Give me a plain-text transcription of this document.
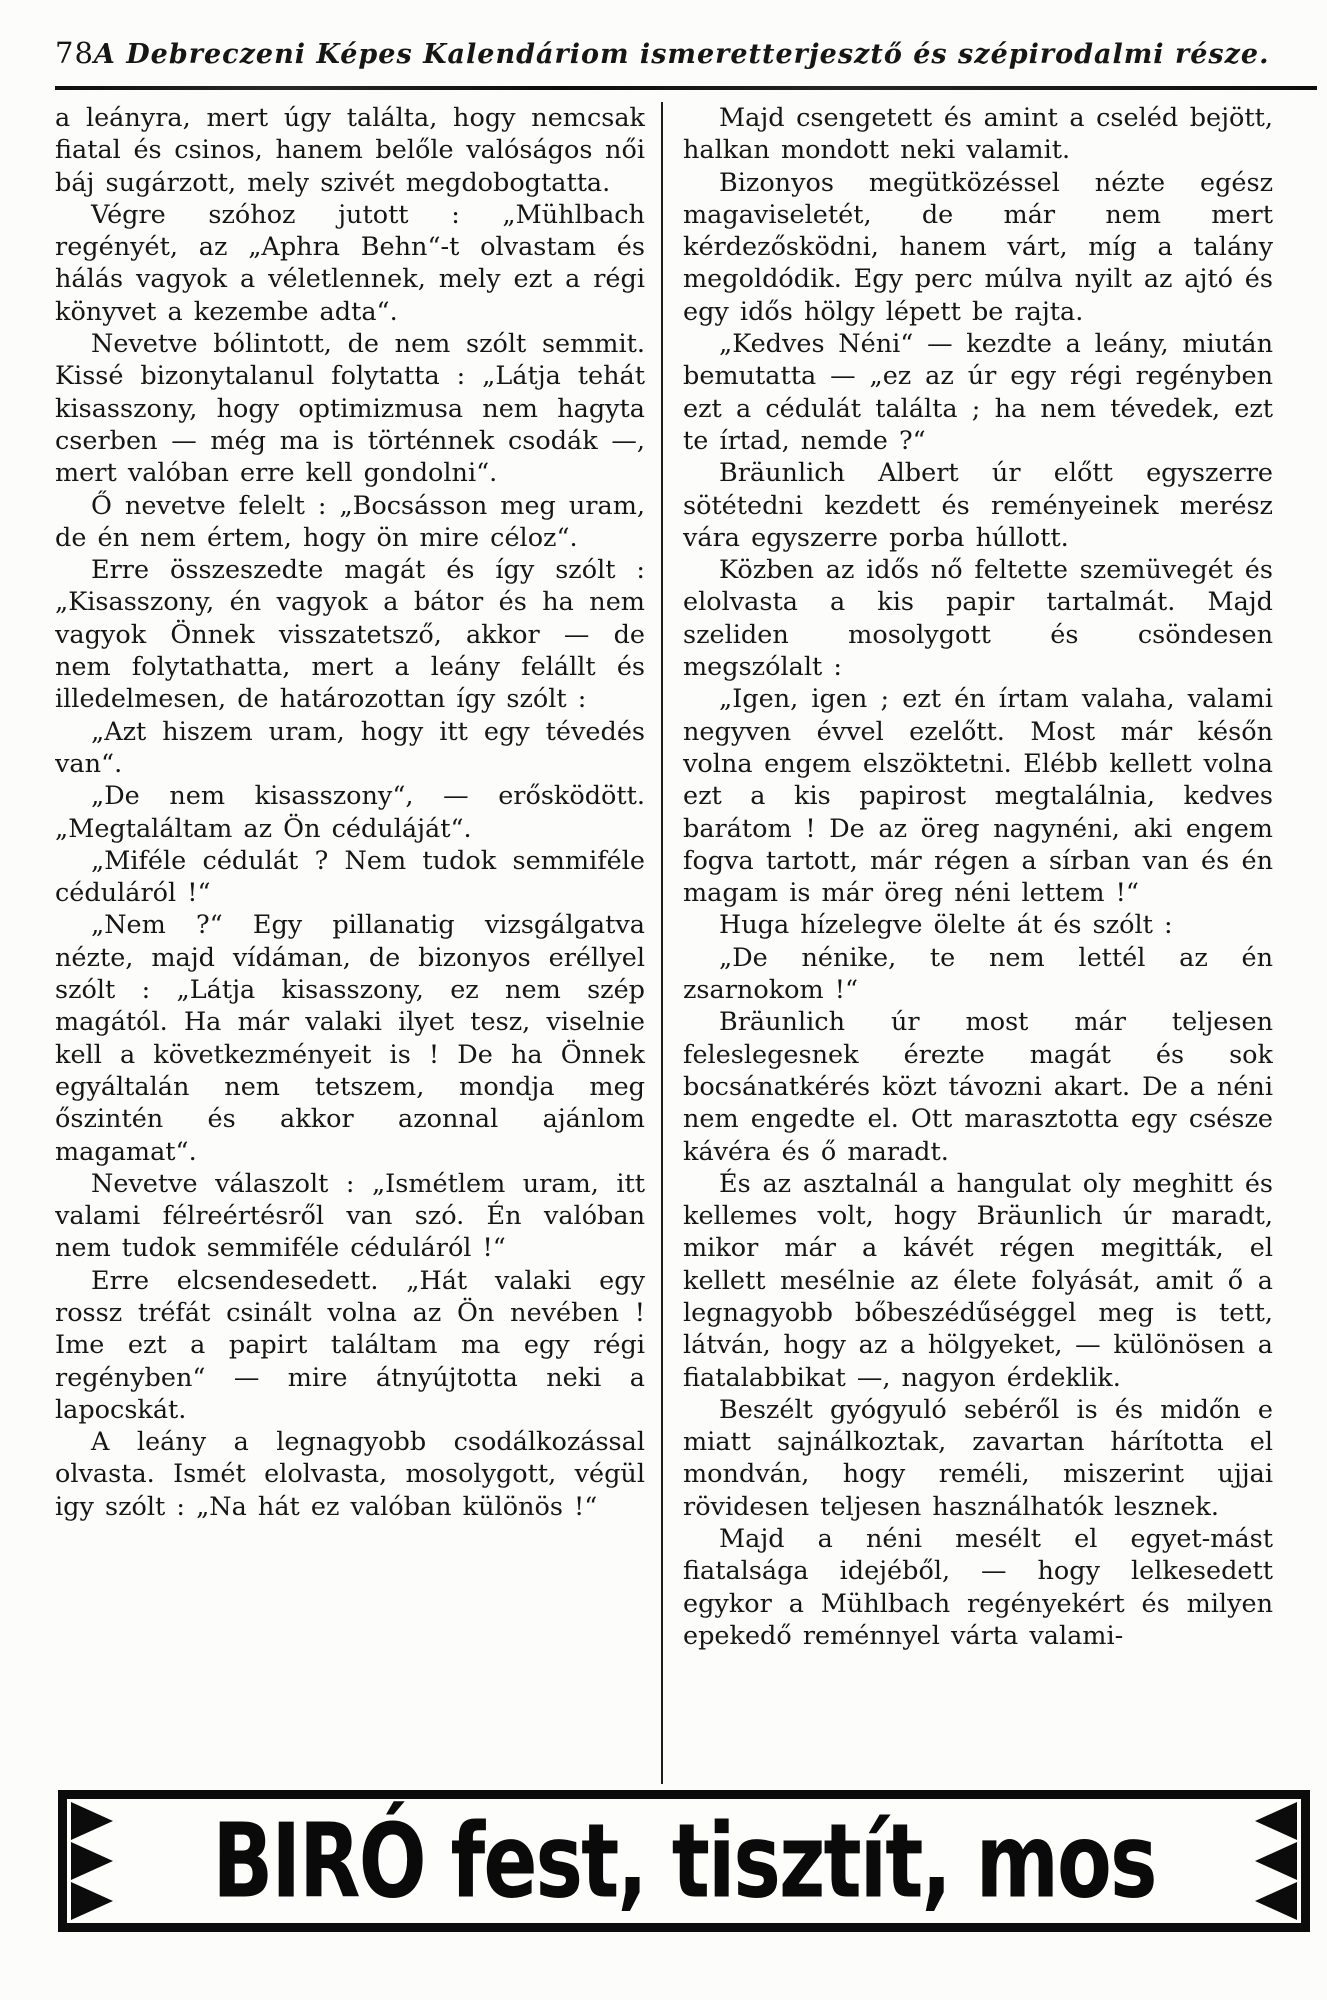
78 A Debreczeni Képes Kalendáriom ismeretterjesztő és szépirodalmi része.

a leányra, mert úgy találta, hogy nemcsak fiatal és csinos, hanem belőle valóságos női báj sugárzott, mely szivét megdobogtatta.

Végre szóhoz jutott : „Mühlbach regényét, az „Aphra Behn“-t olvastam és hálás vagyok a véletlennek, mely ezt a régi könyvet a kezembe adta“.

Nevetve bólintott, de nem szólt semmit. Kissé bizonytalanul folytatta : „Látja tehát kisasszony, hogy optimizmusa nem hagyta cserben — még ma is történnek csodák —, mert valóban erre kell gondolni“.

Ő nevetve felelt : „Bocsásson meg uram, de én nem értem, hogy ön mire céloz“.

Erre összeszedte magát és így szólt : „Kisasszony, én vagyok a bátor és ha nem vagyok Önnek visszatetsző, akkor — de nem folytathatta, mert a leány felállt és illedelmesen, de határozottan így szólt :

„Azt hiszem uram, hogy itt egy tévedés van“.

„De nem kisasszony“, — erősködött. „Megtaláltam az Ön céduláját“.

„Miféle cédulát ? Nem tudok semmiféle céduláról !“

„Nem ?“ Egy pillanatig vizsgálgatva nézte, majd vídáman, de bizonyos eréllyel szólt : „Látja kisasszony, ez nem szép magától. Ha már valaki ilyet tesz, viselnie kell a következményeit is ! De ha Önnek egyáltalán nem tetszem, mondja meg őszintén és akkor azonnal ajánlom magamat“.

Nevetve válaszolt : „Ismétlem uram, itt valami félreértésről van szó. Én valóban nem tudok semmiféle céduláról !“

Erre elcsendesedett. „Hát valaki egy rossz tréfát csinált volna az Ön nevében ! Ime ezt a papirt találtam ma egy régi regényben“ — mire átnyújtotta neki a lapocskát.

A leány a legnagyobb csodálkozással olvasta. Ismét elolvasta, mosolygott, végül igy szólt : „Na hát ez valóban különös !“

Majd csengetett és amint a cseléd bejött, halkan mondott neki valamit.

Bizonyos megütközéssel nézte egész magaviseletét, de már nem mert kérdezősködni, hanem várt, míg a talány megoldódik. Egy perc múlva nyilt az ajtó és egy idős hölgy lépett be rajta.

„Kedves Néni“ — kezdte a leány, miután bemutatta — „ez az úr egy régi regényben ezt a cédulát találta ; ha nem tévedek, ezt te írtad, nemde ?“

Bräunlich Albert úr előtt egyszerre sötétedni kezdett és reményeinek merész vára egyszerre porba húllott.

Közben az idős nő feltette szemüvegét és elolvasta a kis papir tartalmát. Majd szeliden mosolygott és csöndesen megszólalt :

„Igen, igen ; ezt én írtam valaha, valami negyven évvel ezelőtt. Most már későn volna engem elszöktetni. Elébb kellett volna ezt a kis papirost megtalálnia, kedves barátom ! De az öreg nagynéni, aki engem fogva tartott, már régen a sírban van és én magam is már öreg néni lettem !“

Huga hízelegve ölelte át és szólt :

„De nénike, te nem lettél az én zsarnokom !“

Bräunlich úr most már teljesen feleslegesnek érezte magát és sok bocsánatkérés közt távozni akart. De a néni nem engedte el. Ott marasztotta egy csésze kávéra és ő maradt.

És az asztalnál a hangulat oly meghitt és kellemes volt, hogy Bräunlich úr maradt, mikor már a kávét régen megitták, el kellett mesélnie az élete folyását, amit ő a legnagyobb bőbeszédűséggel meg is tett, látván, hogy az a hölgyeket, — különösen a fiatalabbikat —, nagyon érdeklik.

Beszélt gyógyuló sebéről is és midőn e miatt sajnálkoztak, zavartan hárította el mondván, hogy reméli, miszerint ujjai rövidesen teljesen használhatók lesznek.

Majd a néni mesélt el egyet-mást fiatalsága idejéből, — hogy lelkesedett egykor a Mühlbach regényekért és milyen epekedő reménnyel várta valami-

BIRÓ fest, tisztít, mos
